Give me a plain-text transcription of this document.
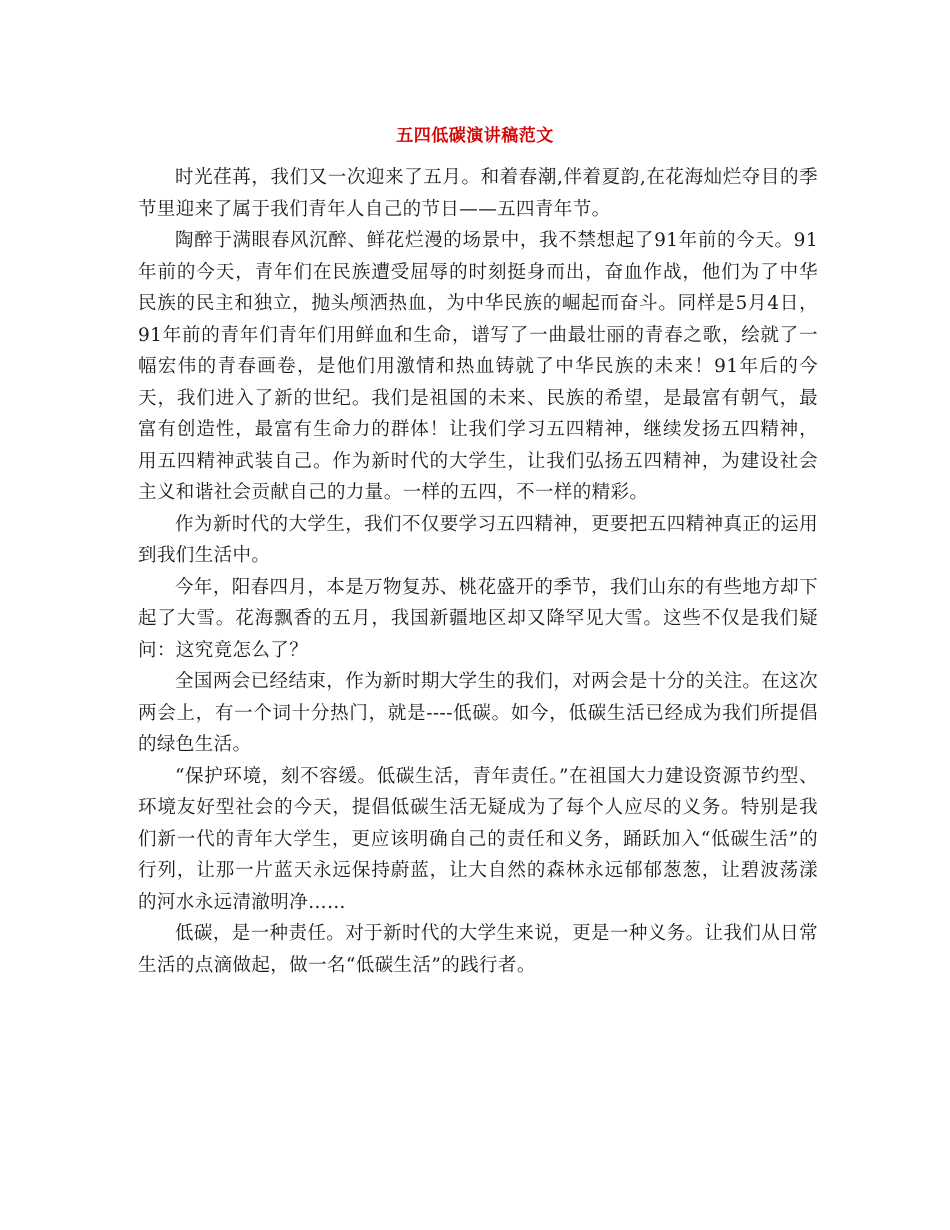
五四低碳演讲稿范文

时光荏苒，我们又一次迎来了五月。和着春潮,伴着夏韵,在花海灿烂夺目的季节里迎来了属于我们青年人自己的节日——五四青年节。

陶醉于满眼春风沉醉、鲜花烂漫的场景中，我不禁想起了91年前的今天。91年前的今天，青年们在民族遭受屈辱的时刻挺身而出，奋血作战，他们为了中华民族的民主和独立，抛头颅洒热血，为中华民族的崛起而奋斗。同样是5月4日，91年前的青年们青年们用鲜血和生命，谱写了一曲最壮丽的青春之歌，绘就了一幅宏伟的青春画卷，是他们用激情和热血铸就了中华民族的未来！91年后的今天，我们进入了新的世纪。我们是祖国的未来、民族的希望，是最富有朝气，最富有创造性，最富有生命力的群体！让我们学习五四精神，继续发扬五四精神，用五四精神武装自己。作为新时代的大学生，让我们弘扬五四精神，为建设社会主义和谐社会贡献自己的力量。一样的五四，不一样的精彩。

作为新时代的大学生，我们不仅要学习五四精神，更要把五四精神真正的运用到我们生活中。

今年，阳春四月，本是万物复苏、桃花盛开的季节，我们山东的有些地方却下起了大雪。花海飘香的五月，我国新疆地区却又降罕见大雪。这些不仅是我们疑问：这究竟怎么了？

全国两会已经结束，作为新时期大学生的我们，对两会是十分的关注。在这次两会上，有一个词十分热门，就是----低碳。如今，低碳生活已经成为我们所提倡的绿色生活。

“保护环境，刻不容缓。低碳生活，青年责任。”在祖国大力建设资源节约型、环境友好型社会的今天，提倡低碳生活无疑成为了每个人应尽的义务。特别是我们新一代的青年大学生，更应该明确自己的责任和义务，踊跃加入“低碳生活”的行列，让那一片蓝天永远保持蔚蓝，让大自然的森林永远郁郁葱葱，让碧波荡漾的河水永远清澈明净……

低碳，是一种责任。对于新时代的大学生来说，更是一种义务。让我们从日常生活的点滴做起，做一名“低碳生活”的践行者。
